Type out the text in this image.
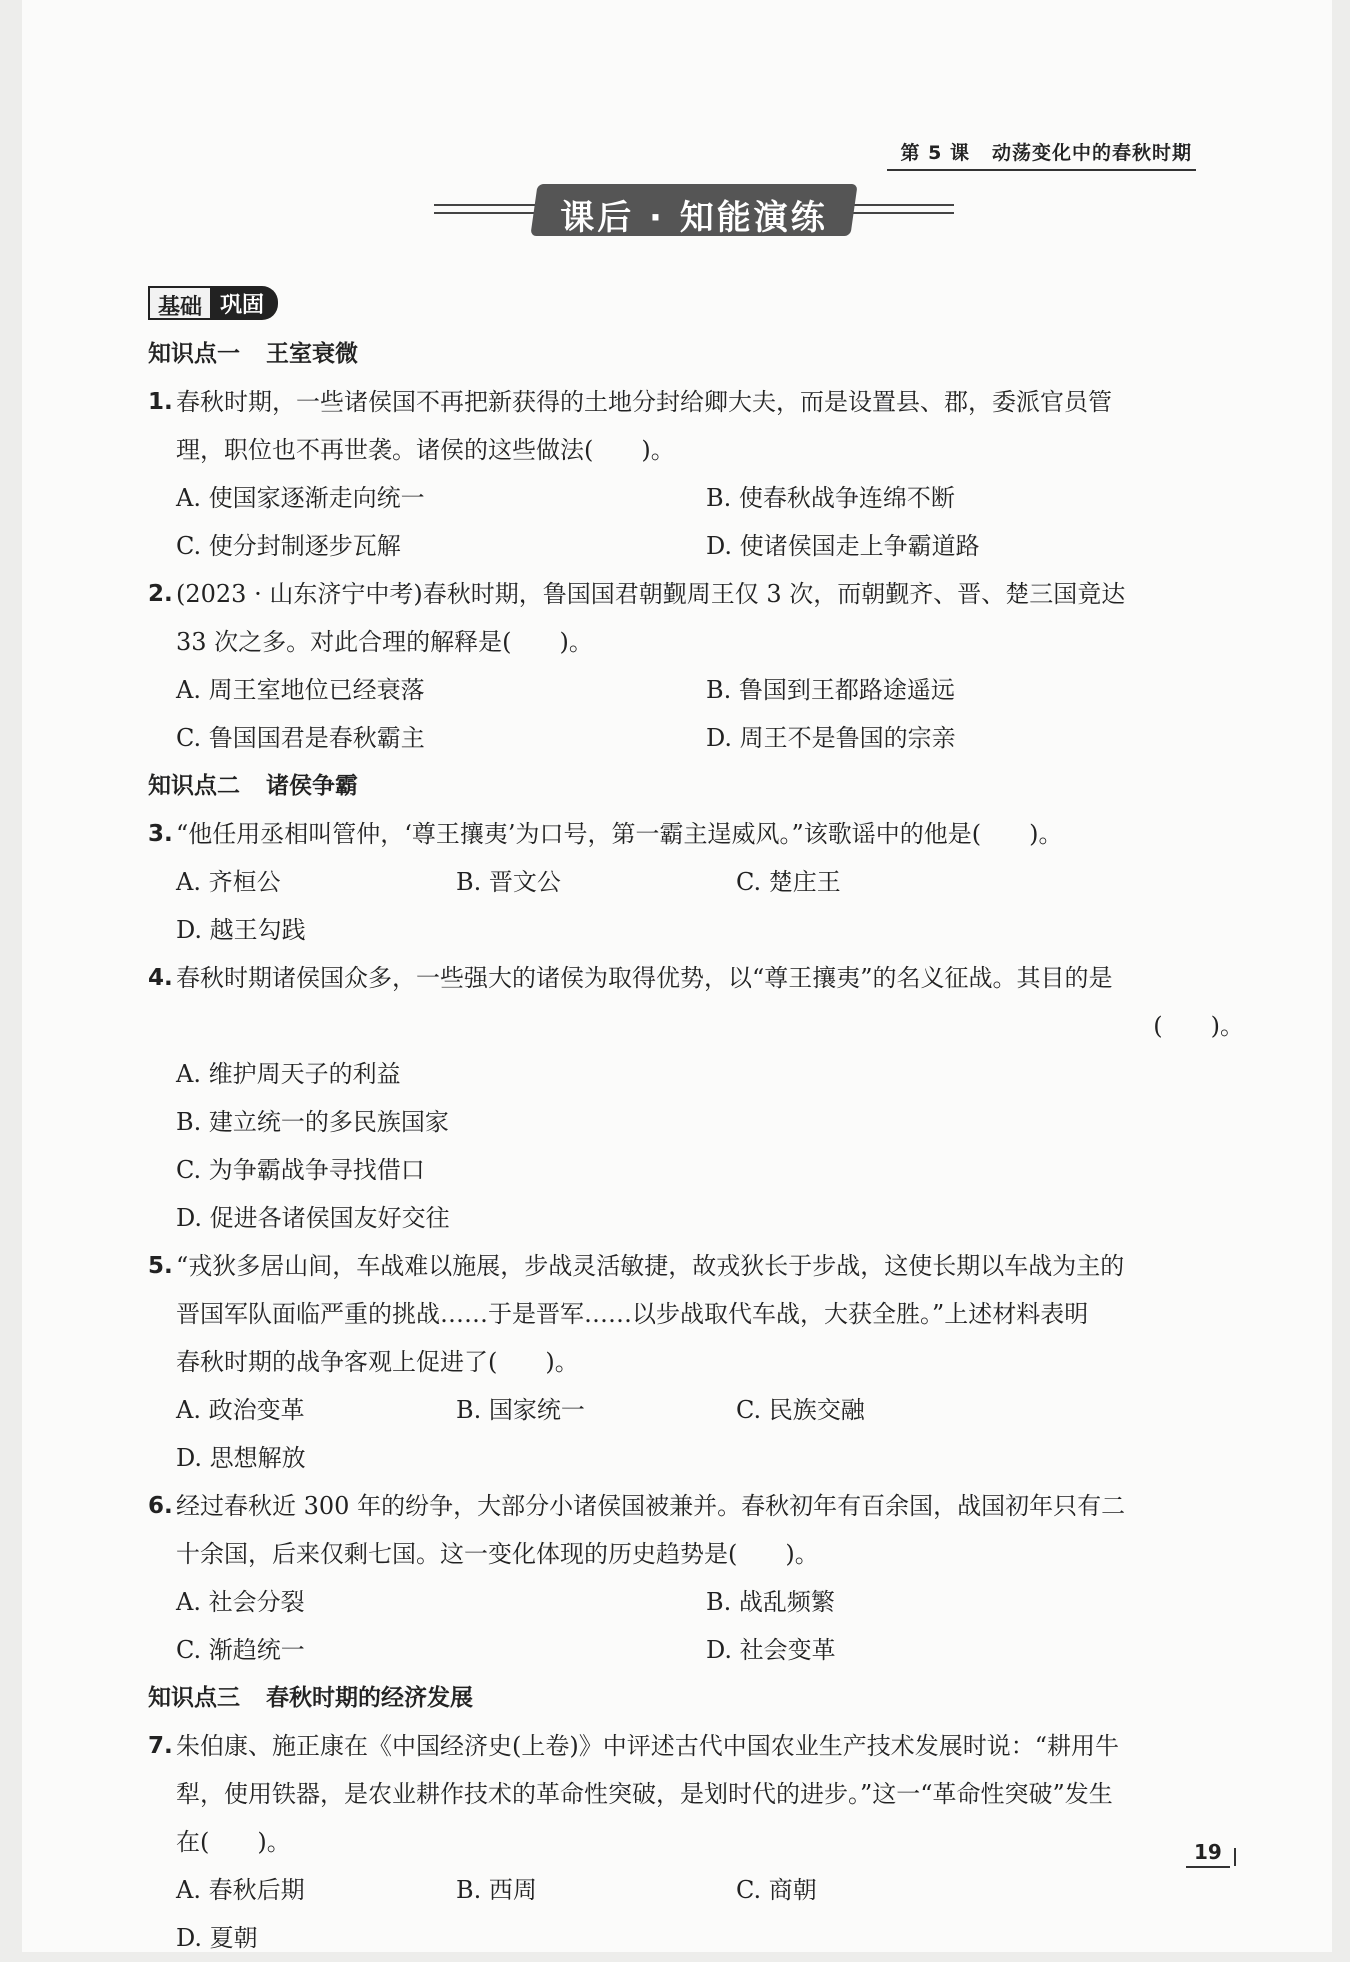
第 5 课 动荡变化中的春秋时期
课后 · 知能演练
基础 巩固
知识点一 王室衰微
1. 春秋时期，一些诸侯国不再把新获得的土地分封给卿大夫，而是设置县、郡，委派官员管
理，职位也不再世袭。诸侯的这些做法(　　)。
A. 使国家逐渐走向统一	B. 使春秋战争连绵不断
C. 使分封制逐步瓦解	D. 使诸侯国走上争霸道路
2. (2023 · 山东济宁中考)春秋时期，鲁国国君朝觐周王仅 3 次，而朝觐齐、晋、楚三国竟达
33 次之多。对此合理的解释是(　　)。
A. 周王室地位已经衰落	B. 鲁国到王都路途遥远
C. 鲁国国君是春秋霸主	D. 周王不是鲁国的宗亲
知识点二 诸侯争霸
3. “他任用丞相叫管仲，‘尊王攘夷’为口号，第一霸主逞威风。”该歌谣中的他是(　　)。
A. 齐桓公	B. 晋文公	C. 楚庄王
D. 越王勾践
4. 春秋时期诸侯国众多，一些强大的诸侯为取得优势，以“尊王攘夷”的名义征战。其目的是
(　　)。
A. 维护周天子的利益
B. 建立统一的多民族国家
C. 为争霸战争寻找借口
D. 促进各诸侯国友好交往
5. “戎狄多居山间，车战难以施展，步战灵活敏捷，故戎狄长于步战，这使长期以车战为主的
晋国军队面临严重的挑战……于是晋军……以步战取代车战，大获全胜。”上述材料表明
春秋时期的战争客观上促进了(　　)。
A. 政治变革	B. 国家统一	C. 民族交融
D. 思想解放
6. 经过春秋近 300 年的纷争，大部分小诸侯国被兼并。春秋初年有百余国，战国初年只有二
十余国，后来仅剩七国。这一变化体现的历史趋势是(　　)。
A. 社会分裂	B. 战乱频繁
C. 渐趋统一	D. 社会变革
知识点三 春秋时期的经济发展
7. 朱伯康、施正康在《中国经济史(上卷)》中评述古代中国农业生产技术发展时说：“耕用牛
犁，使用铁器，是农业耕作技术的革命性突破，是划时代的进步。”这一“革命性突破”发生
在(　　)。
A. 春秋后期	B. 西周	C. 商朝
D. 夏朝
19
